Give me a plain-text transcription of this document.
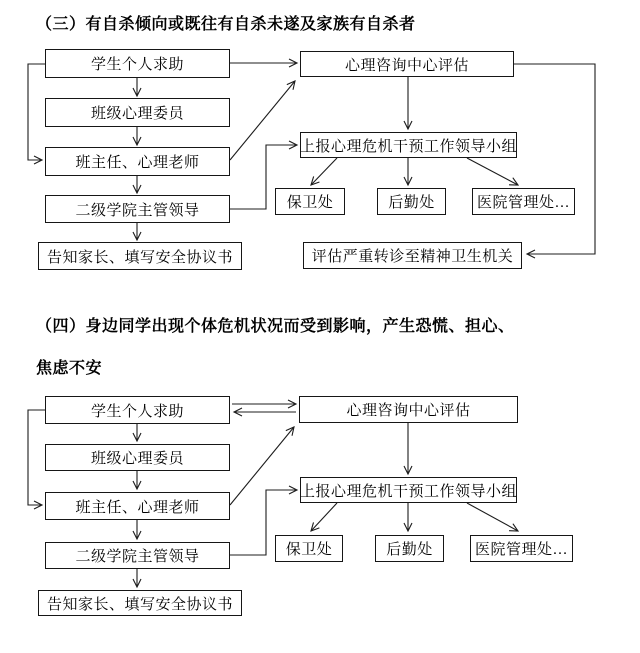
（三）有自杀倾向或既往有自杀未遂及家族有自杀者
学生个人求助
班级心理委员
班主任、心理老师
二级学院主管领导
告知家长、填写安全协议书
心理咨询中心评估
上报心理危机干预工作领导小组
保卫处	后勤处	医院管理处…
评估严重转诊至精神卫生机关
（四）身边同学出现个体危机状况而受到影响，产生恐慌、担心、
焦虑不安
学生个人求助
班级心理委员
班主任、心理老师
二级学院主管领导
告知家长、填写安全协议书
心理咨询中心评估
上报心理危机干预工作领导小组
保卫处	后勤处	医院管理处…
